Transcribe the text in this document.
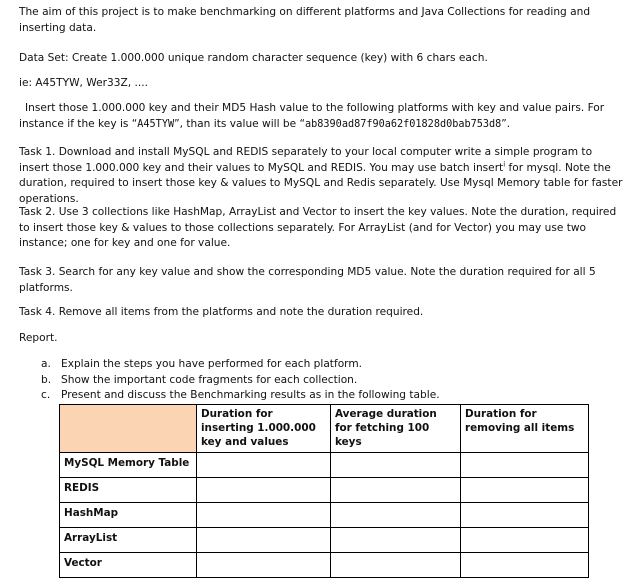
The aim of this project is to make benchmarking on different platforms and Java Collections for reading and inserting data.

Data Set: Create 1.000.000 unique random character sequence (key) with 6 chars each.

ie: A45TYW, Wer33Z, ....

Insert those 1.000.000 key and their MD5 Hash value to the following platforms with key and value pairs. For instance if the key is “A45TYW”, than its value will be “ab8390ad87f90a62f01828d0bab753d8”.

Task 1. Download and install MySQL and REDIS separately to your local computer write a simple program to insert those 1.000.000 key and their values to MySQL and REDIS. You may use batch insert$^i$ for mysql. Note the duration, required to insert those key & values to MySQL and Redis separately. Use Mysql Memory table for faster operations.

Task 2. Use 3 collections like HashMap, ArrayList and Vector to insert the key values. Note the duration, required to insert those key & values to those collections separately. For ArrayList (and for Vector) you may use two instance; one for key and one for value.

Task 3. Search for any key value and show the corresponding MD5 value. Note the duration required for all 5 platforms.

Task 4. Remove all items from the platforms and note the duration required.

Report.

a. Explain the steps you have performed for each platform.
b. Show the important code fragments for each collection.
c. Present and discuss the Benchmarking results as in the following table.
	Duration for inserting 1.000.000 key and values	Average duration for fetching 100 keys	Duration for removing all items
MySQL Memory Table			
REDIS			
HashMap			
ArrayList			
Vector			
